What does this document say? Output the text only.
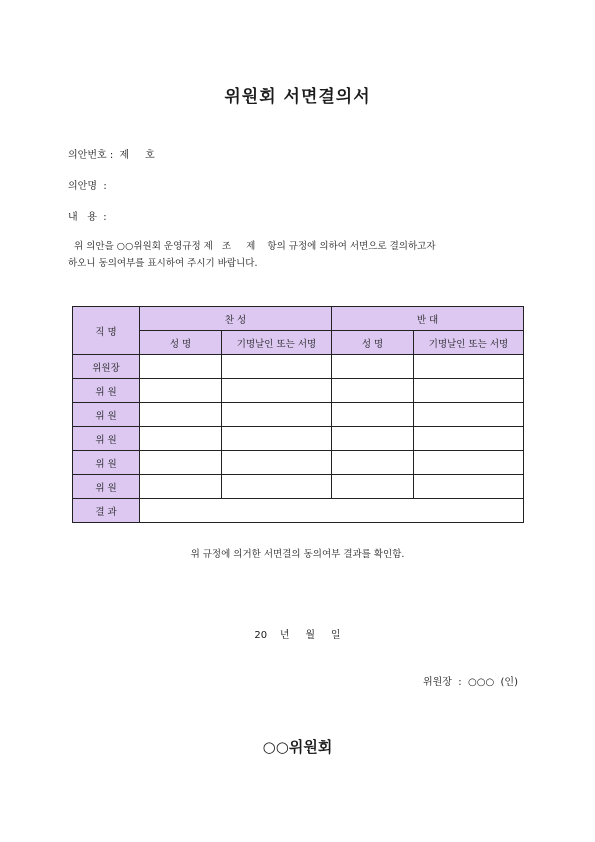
위원회 서면결의서
의안번호 :  제     호
의안명  :
내   용  :
위 의안을 ○○위원회 운영규정 제   조     제    항의 규정에 의하여 서면으로 결의하고자
하오니 동의여부를 표시하여 주시기 바랍니다.
직 명	찬 성		반 대	
	성 명	기명날인 또는 서명	성 명	기명날인 또는 서명
위원장				
위 원				
위 원				
위 원				
위 원				
위 원				
결 과				
위 규정에 의거한 서면결의 동의여부 결과를 확인함.
20    년     월     일
위원장  :  ○○○  (인)
○○위원회
